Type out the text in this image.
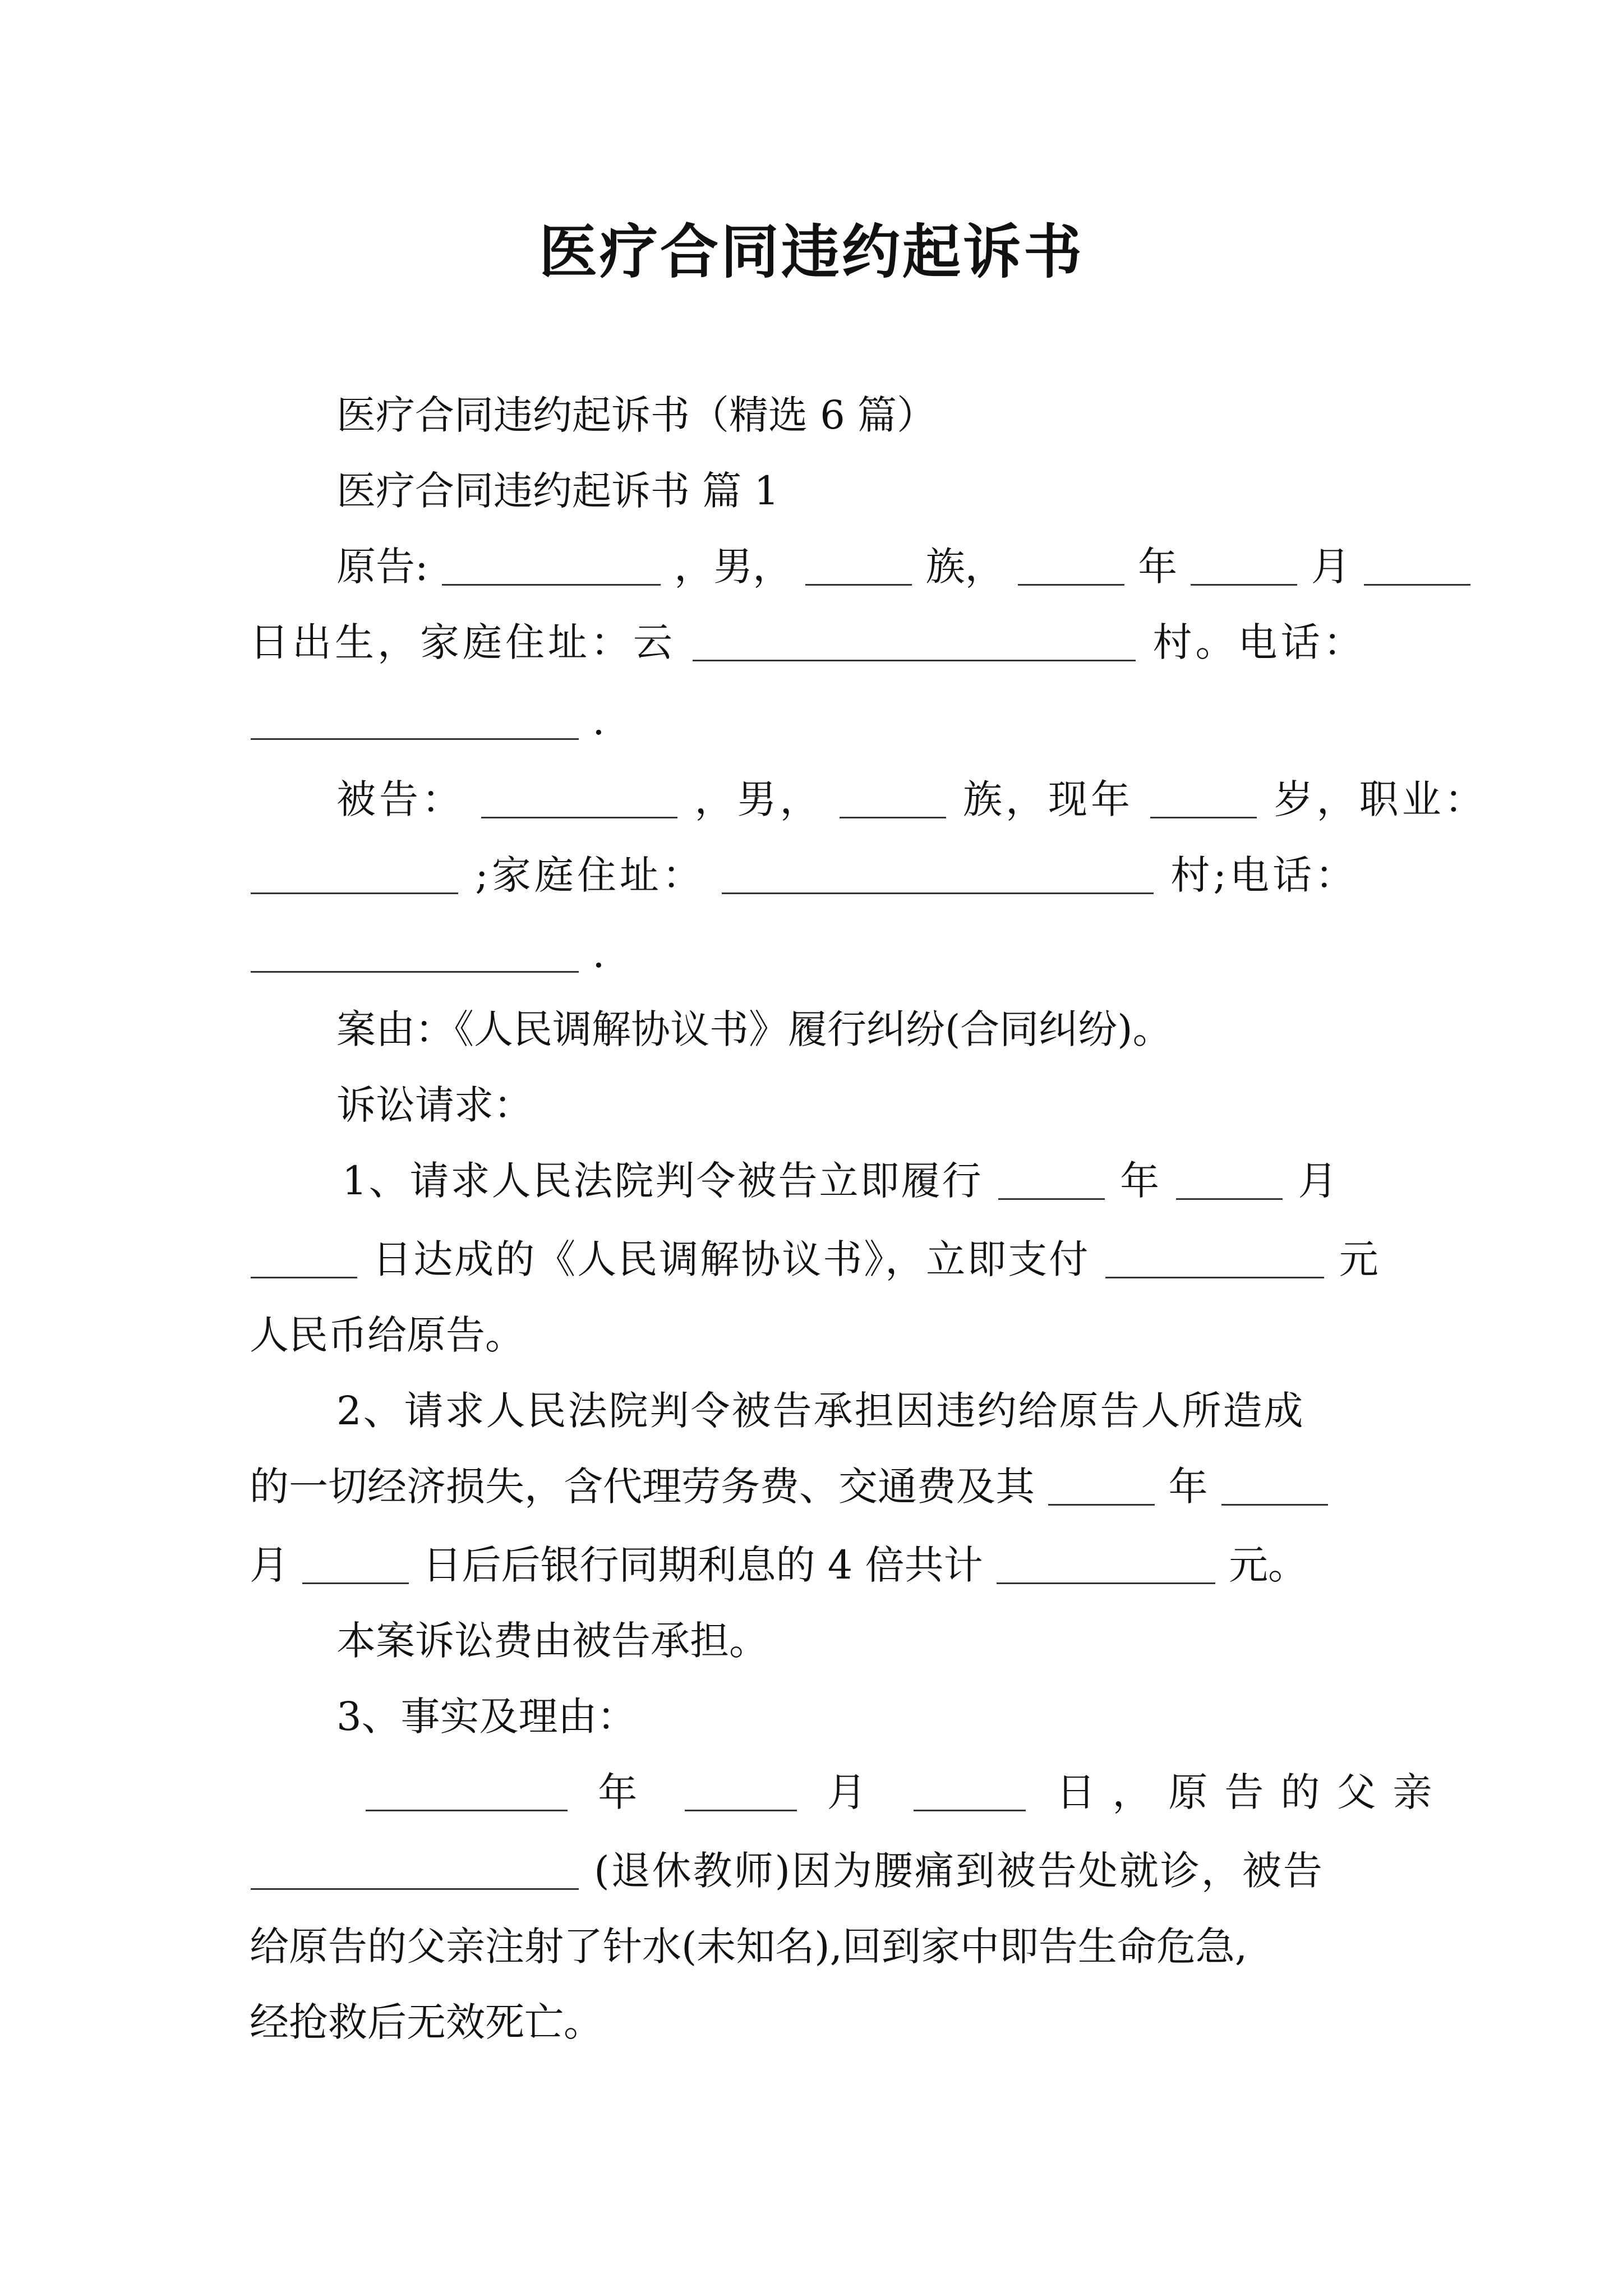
医疗合同违约起诉书
医疗合同违约起诉书（精选 6 篇）
医疗合同违约起诉书 篇 1
原告:	，男，	族，	年	月
日出生，家庭住址：云	村。电话：
.
被告：	，男，	族，现年	岁，职业：
;家庭住址：	村;电话：
.
案由：《人民调解协议书》履行纠纷(合同纠纷)。
诉讼请求：
1、请求人民法院判令被告立即履行	年	月
日达成的《人民调解协议书》，立即支付	元
人民币给原告。
2、请求人民法院判令被告承担因违约给原告人所造成
的一切经济损失，含代理劳务费、交通费及其	年
月	日后后银行同期利息的 4 倍共计	元。
本案诉讼费由被告承担。
3、事实及理由：
年	月	日，原告的父亲
(退休教师)因为腰痛到被告处就诊，被告
给原告的父亲注射了针水(未知名),回到家中即告生命危急,
经抢救后无效死亡。
